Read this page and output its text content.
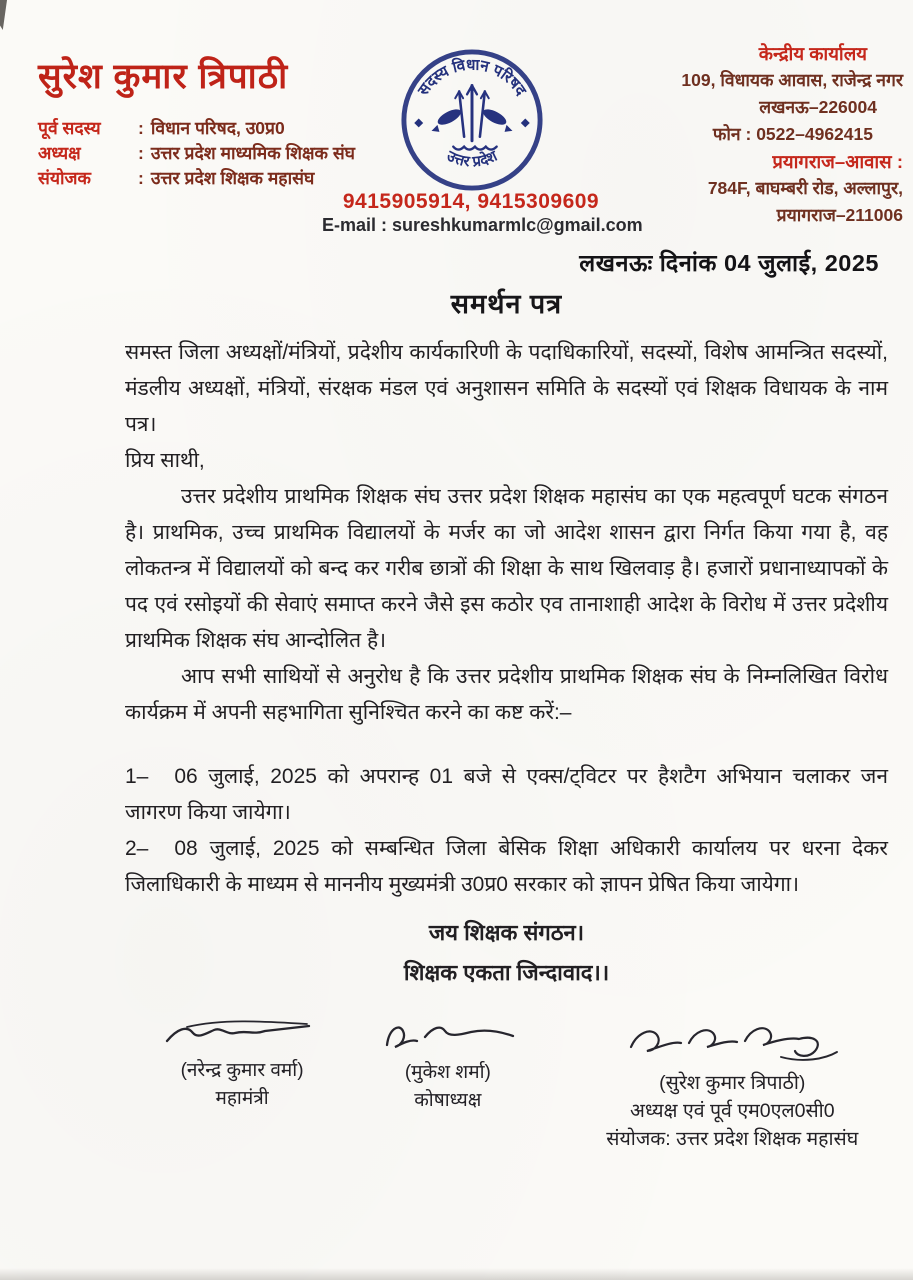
सुरेश कुमार त्रिपाठी
पूर्व सदस्य	: विधान परिषद, उ0प्र0
अध्यक्ष	: उत्तर प्रदेश माध्यमिक शिक्षक संघ
संयोजक	: उत्तर प्रदेश शिक्षक महासंघ
सदस्य विधान परिषद
उत्तर प्रदेश
9415905914, 9415309609
E-mail : sureshkumarmlc@gmail.com
केन्द्रीय कार्यालय
109, विधायक आवास, राजेन्द्र नगर
लखनऊ–226004
फोन : 0522–4962415
प्रयागराज–आवास :
784F, बाघम्बरी रोड, अल्लापुर,
प्रयागराज–211006
लखनऊः दिनांक 04 जुलाई, 2025
समर्थन पत्र

समस्त जिला अध्यक्षों/मंत्रियों, प्रदेशीय कार्यकारिणी के पदाधिकारियों, सदस्यों, विशेष आमन्त्रित सदस्यों, मंडलीय अध्यक्षों, मंत्रियों, संरक्षक मंडल एवं अनुशासन समिति के सदस्यों एवं शिक्षक विधायक के नाम पत्र।

प्रिय साथी,

उत्तर प्रदेशीय प्राथमिक शिक्षक संघ उत्तर प्रदेश शिक्षक महासंघ का एक महत्वपूर्ण घटक संगठन है। प्राथमिक, उच्च प्राथमिक विद्यालयों के मर्जर का जो आदेश शासन द्वारा निर्गत किया गया है, वह लोकतन्त्र में विद्यालयों को बन्द कर गरीब छात्रों की शिक्षा के साथ खिलवाड़ है। हजारों प्रधानाध्यापकों के पद एवं रसोइयों की सेवाएं समाप्त करने जैसे इस कठोर एव तानाशाही आदेश के विरोध में उत्तर प्रदेशीय प्राथमिक शिक्षक संघ आन्दोलित है।

आप सभी साथियों से अनुरोध है कि उत्तर प्रदेशीय प्राथमिक शिक्षक संघ के निम्नलिखित विरोध कार्यक्रम में अपनी सहभागिता सुनिश्चित करने का कष्ट करें:–

1– 06 जुलाई, 2025 को अपरान्ह 01 बजे से एक्स/ट्विटर पर हैशटैग अभियान चलाकर जन जागरण किया जायेगा।

2– 08 जुलाई, 2025 को सम्बन्धित जिला बेसिक शिक्षा अधिकारी कार्यालय पर धरना देकर जिलाधिकारी के माध्यम से माननीय मुख्यमंत्री उ0प्र0 सरकार को ज्ञापन प्रेषित किया जायेगा।

जय शिक्षक संगठन।
शिक्षक एकता जिन्दावाद।।
(नरेन्द्र कुमार वर्मा)
महामंत्री
(मुकेश शर्मा)
कोषाध्यक्ष
(सुरेश कुमार त्रिपाठी)
अध्यक्ष एवं पूर्व एम0एल0सी0
संयोजक: उत्तर प्रदेश शिक्षक महासंघ
